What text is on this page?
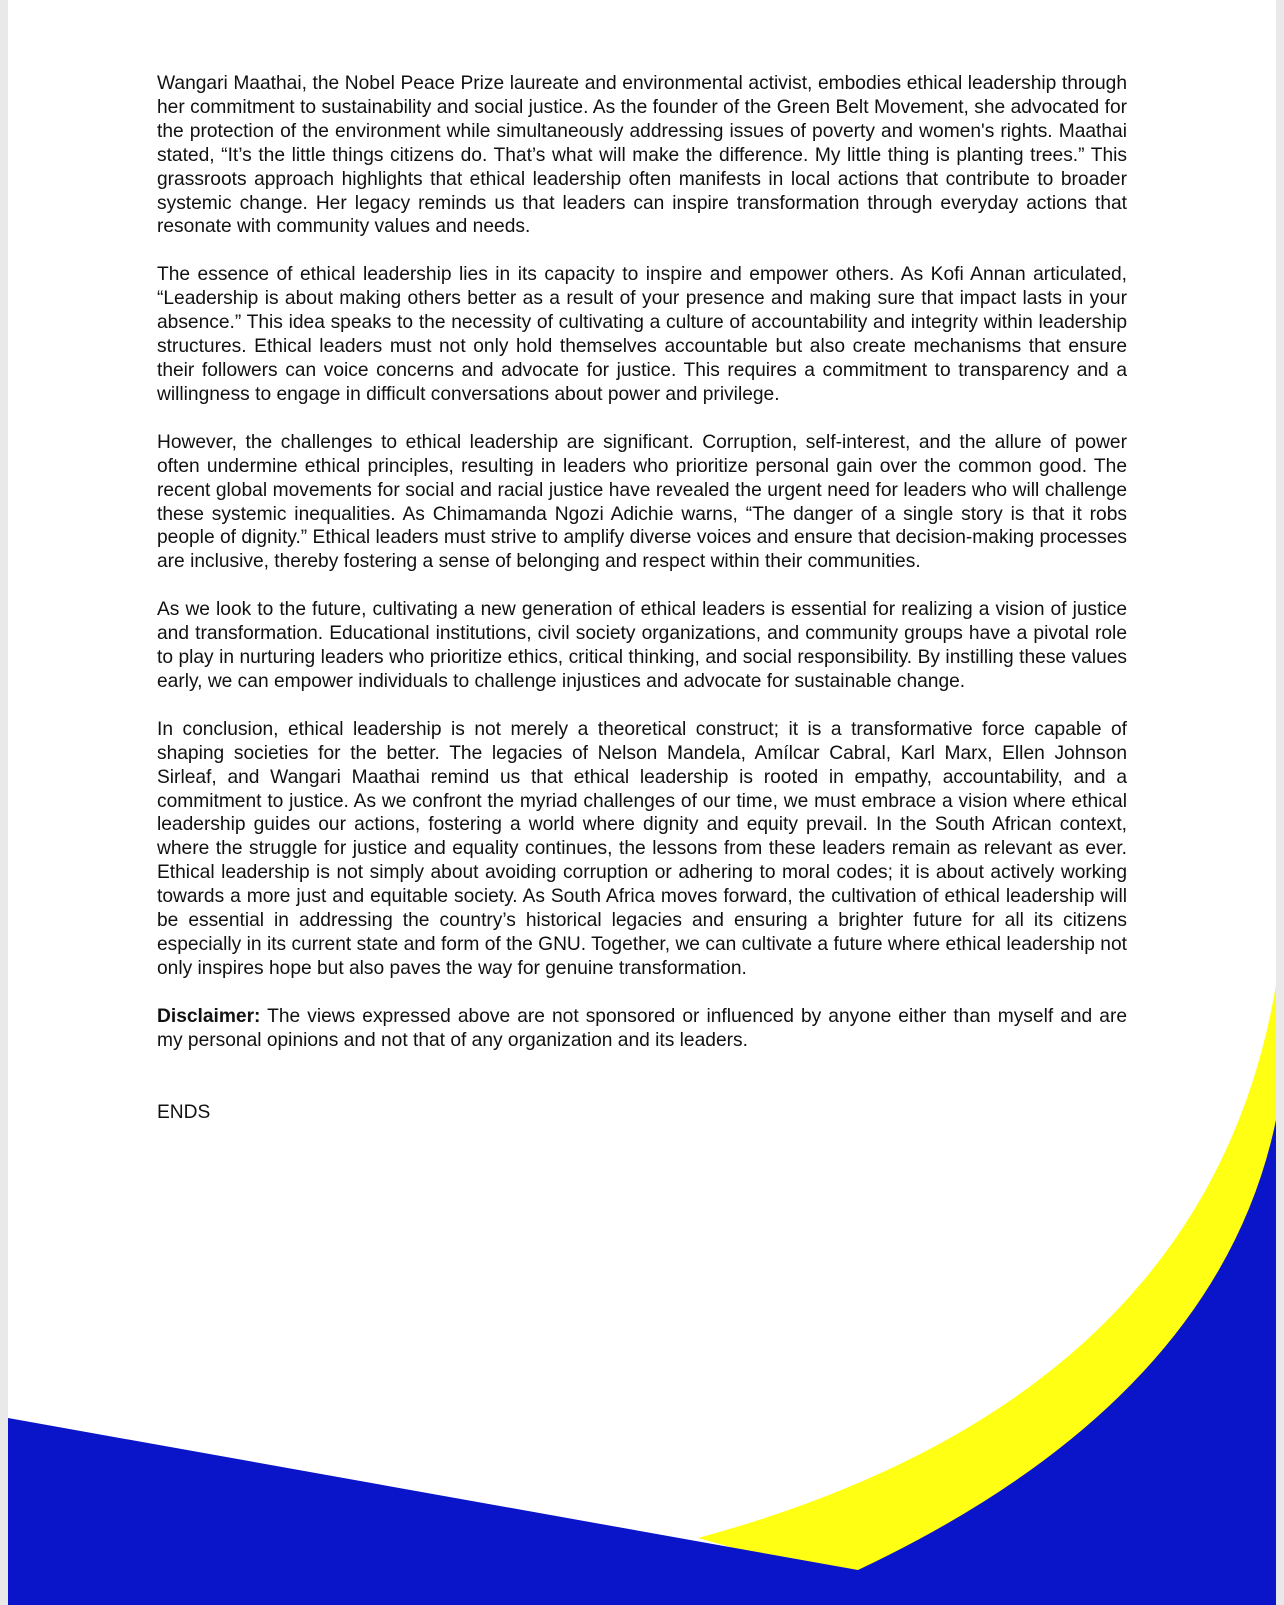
Wangari Maathai, the Nobel Peace Prize laureate and environmental activist, embodies ethical leadership through her commitment to sustainability and social justice. As the founder of the Green Belt Movement, she advocated for the protection of the environment while simultaneously addressing issues of poverty and women's rights. Maathai stated, “It’s the little things citizens do. That’s what will make the difference. My little thing is planting trees.” This grassroots approach highlights that ethical leadership often manifests in local actions that contribute to broader systemic change. Her legacy reminds us that leaders can inspire transformation through everyday actions that resonate with community values and needs.

The essence of ethical leadership lies in its capacity to inspire and empower others. As Kofi Annan articulated, “Leadership is about making others better as a result of your presence and making sure that impact lasts in your absence.” This idea speaks to the necessity of cultivating a culture of accountability and integrity within leadership structures. Ethical leaders must not only hold themselves accountable but also create mechanisms that ensure their followers can voice concerns and advocate for justice. This requires a commitment to transparency and a willingness to engage in difficult conversations about power and privilege.

However, the challenges to ethical leadership are significant. Corruption, self-interest, and the allure of power often undermine ethical principles, resulting in leaders who prioritize personal gain over the common good. The recent global movements for social and racial justice have revealed the urgent need for leaders who will challenge these systemic inequalities. As Chimamanda Ngozi Adichie warns, “The danger of a single story is that it robs people of dignity.” Ethical leaders must strive to amplify diverse voices and ensure that decision-making processes are inclusive, thereby fostering a sense of belonging and respect within their communities.

As we look to the future, cultivating a new generation of ethical leaders is essential for realizing a vision of justice and transformation. Educational institutions, civil society organizations, and community groups have a pivotal role to play in nurturing leaders who prioritize ethics, critical thinking, and social responsibility. By instilling these values early, we can empower individuals to challenge injustices and advocate for sustainable change.

In conclusion, ethical leadership is not merely a theoretical construct; it is a transformative force capable of shaping societies for the better. The legacies of Nelson Mandela, Amílcar Cabral, Karl Marx, Ellen Johnson Sirleaf, and Wangari Maathai remind us that ethical leadership is rooted in empathy, accountability, and a commitment to justice. As we confront the myriad challenges of our time, we must embrace a vision where ethical leadership guides our actions, fostering a world where dignity and equity prevail. In the South African context, where the struggle for justice and equality continues, the lessons from these leaders remain as relevant as ever. Ethical leadership is not simply about avoiding corruption or adhering to moral codes; it is about actively working towards a more just and equitable society. As South Africa moves forward, the cultivation of ethical leadership will be essential in addressing the country’s historical legacies and ensuring a brighter future for all its citizens especially in its current state and form of the GNU. Together, we can cultivate a future where ethical leadership not only inspires hope but also paves the way for genuine transformation.

Disclaimer: The views expressed above are not sponsored or influenced by anyone either than myself and are my personal opinions and not that of any organization and its leaders.

ENDS
